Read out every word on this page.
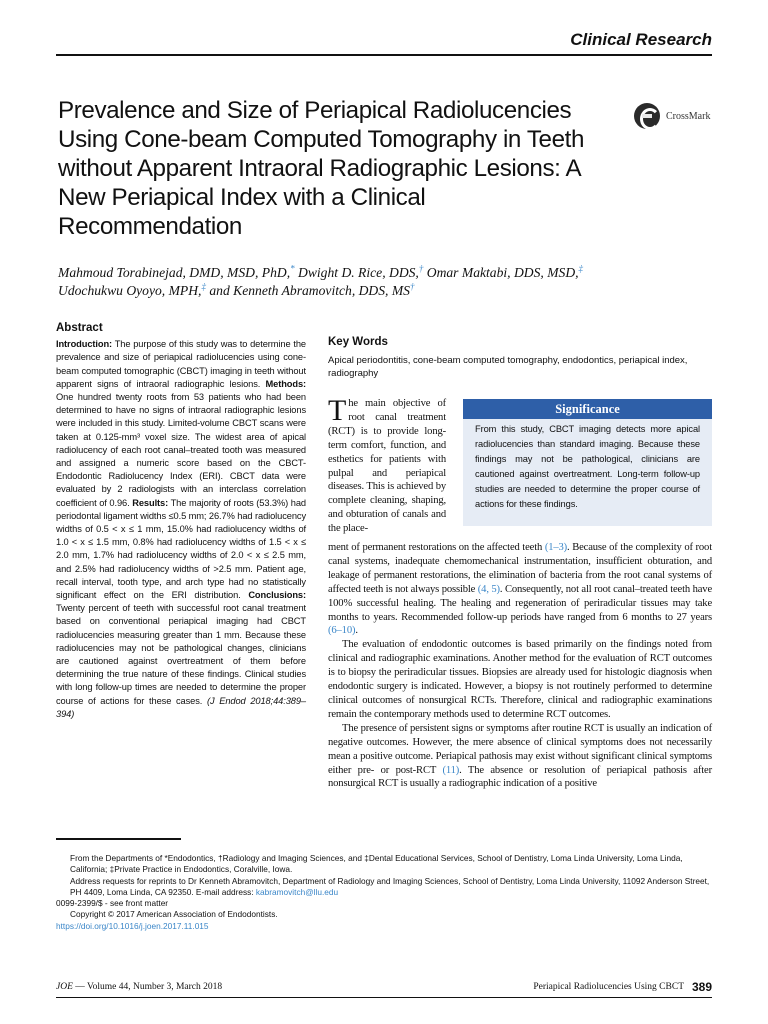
Clinical Research
Prevalence and Size of Periapical Radiolucencies Using Cone-beam Computed Tomography in Teeth without Apparent Intraoral Radiographic Lesions: A New Periapical Index with a Clinical Recommendation
CrossMark
Mahmoud Torabinejad, DMD, MSD, PhD,* Dwight D. Rice, DDS,† Omar Maktabi, DDS, MSD,‡
Udochukwu Oyoyo, MPH,‡ and Kenneth Abramovitch, DDS, MS†
Abstract

Introduction: The purpose of this study was to determine the prevalence and size of periapical radiolucencies using cone-beam computed tomographic (CBCT) imaging in teeth without apparent signs of intraoral radiographic lesions. Methods: One hundred twenty roots from 53 patients who had been determined to have no signs of intraoral radiographic lesions were included in this study. Limited-volume CBCT scans were taken at 0.125-mm³ voxel size. The widest area of apical radiolucency of each root canal–treated tooth was measured and assigned a numeric score based on the CBCT-Endodontic Radiolucency Index (ERI). CBCT data were evaluated by 2 radiologists with an interclass correlation coefficient of 0.96. Results: The majority of roots (53.3%) had periodontal ligament widths ≤0.5 mm; 26.7% had radiolucency widths of 0.5 < x ≤ 1 mm, 15.0% had radiolucency widths of 1.0 < x ≤ 1.5 mm, 0.8% had radiolucency widths of 1.5 < x ≤ 2.0 mm, 1.7% had radiolucency widths of 2.0 < x ≤ 2.5 mm, and 2.5% had radiolucency widths of >2.5 mm. Patient age, recall interval, tooth type, and arch type had no statistically significant effect on the ERI distribution. Conclusions: Twenty percent of teeth with successful root canal treatment based on conventional periapical imaging had CBCT radiolucencies measuring greater than 1 mm. Because these radiolucencies may not be pathological changes, clinicians are cautioned against overtreatment of them before determining the true nature of these findings. Clinical studies with long follow-up times are needed to determine the proper course of actions for these cases. (J Endod 2018;44:389–394)

Key Words

Apical periodontitis, cone-beam computed tomography, endodontics, periapical index, radiography

The main objective of root canal treatment (RCT) is to provide long-term comfort, function, and esthetics for patients with pulpal and periapical diseases. This is achieved by complete cleaning, shaping, and obturation of canals and the place-
Significance
From this study, CBCT imaging detects more apical radiolucencies than standard imaging. Because these findings may not be pathological, clinicians are cautioned against overtreatment. Long-term follow-up studies are needed to determine the proper course of actions for these findings.

ment of permanent restorations on the affected teeth (1–3). Because of the complexity of root canal systems, inadequate chemomechanical instrumentation, insufficient obturation, and leakage of permanent restorations, the elimination of bacteria from the root canal systems of affected teeth is not always possible (4, 5). Consequently, not all root canal–treated teeth have 100% successful healing. The healing and regeneration of periradicular tissues may take months to years. Recommended follow-up periods have ranged from 6 months to 27 years (6–10).

The evaluation of endodontic outcomes is based primarily on the findings noted from clinical and radiographic examinations. Another method for the evaluation of RCT outcomes is to biopsy the periradicular tissues. Biopsies are already used for histologic diagnosis when endodontic surgery is indicated. However, a biopsy is not routinely performed to determine clinical outcomes of nonsurgical RCTs. Therefore, clinical and radiographic examinations remain the contemporary methods used to determine RCT outcomes.

The presence of persistent signs or symptoms after routine RCT is usually an indication of negative outcomes. However, the mere absence of clinical symptoms does not necessarily mean a positive outcome. Periapical pathosis may exist without significant clinical symptoms either pre- or post-RCT (11). The absence or resolution of periapical pathosis after nonsurgical RCT is usually a radiographic indication of a positive

From the Departments of *Endodontics, †Radiology and Imaging Sciences, and ‡Dental Educational Services, School of Dentistry, Loma Linda University, Loma Linda, California; ‡Private Practice in Endodontics, Coralville, Iowa.

Address requests for reprints to Dr Kenneth Abramovitch, Department of Radiology and Imaging Sciences, School of Dentistry, Loma Linda University, 11092 Anderson Street, PH 4409, Loma Linda, CA 92350. E-mail address: kabramovitch@llu.edu

0099-2399/$ - see front matter

Copyright © 2017 American Association of Endodontists.

https://doi.org/10.1016/j.joen.2017.11.015

JOE — Volume 44, Number 3, March 2018	Periapical Radiolucencies Using CBCT 389
